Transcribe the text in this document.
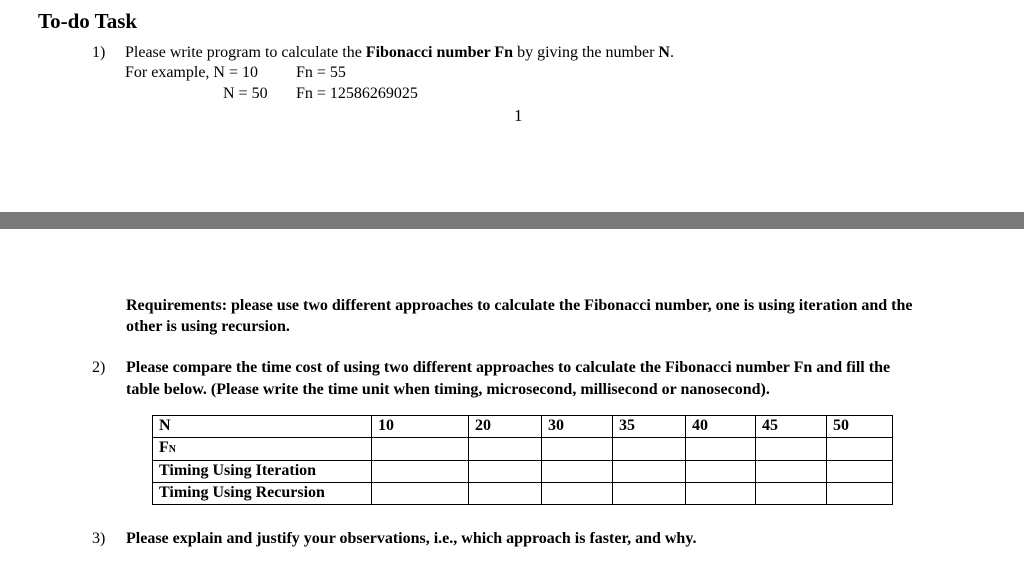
To-do Task
1) Please write program to calculate the Fibonacci number Fn by giving the number N.
For example, N = 10 Fn = 55
N = 50 Fn = 12586269025
1
Requirements: please use two different approaches to calculate the Fibonacci number, one is using iteration and the
other is using recursion.
2) Please compare the time cost of using two different approaches to calculate the Fibonacci number Fn and fill the
table below. (Please write the time unit when timing, microsecond, millisecond or nanosecond).
N	10	20	30	35	40	45	50
FN							
Timing Using Iteration							
Timing Using Recursion							
3) Please explain and justify your observations, i.e., which approach is faster, and why.
